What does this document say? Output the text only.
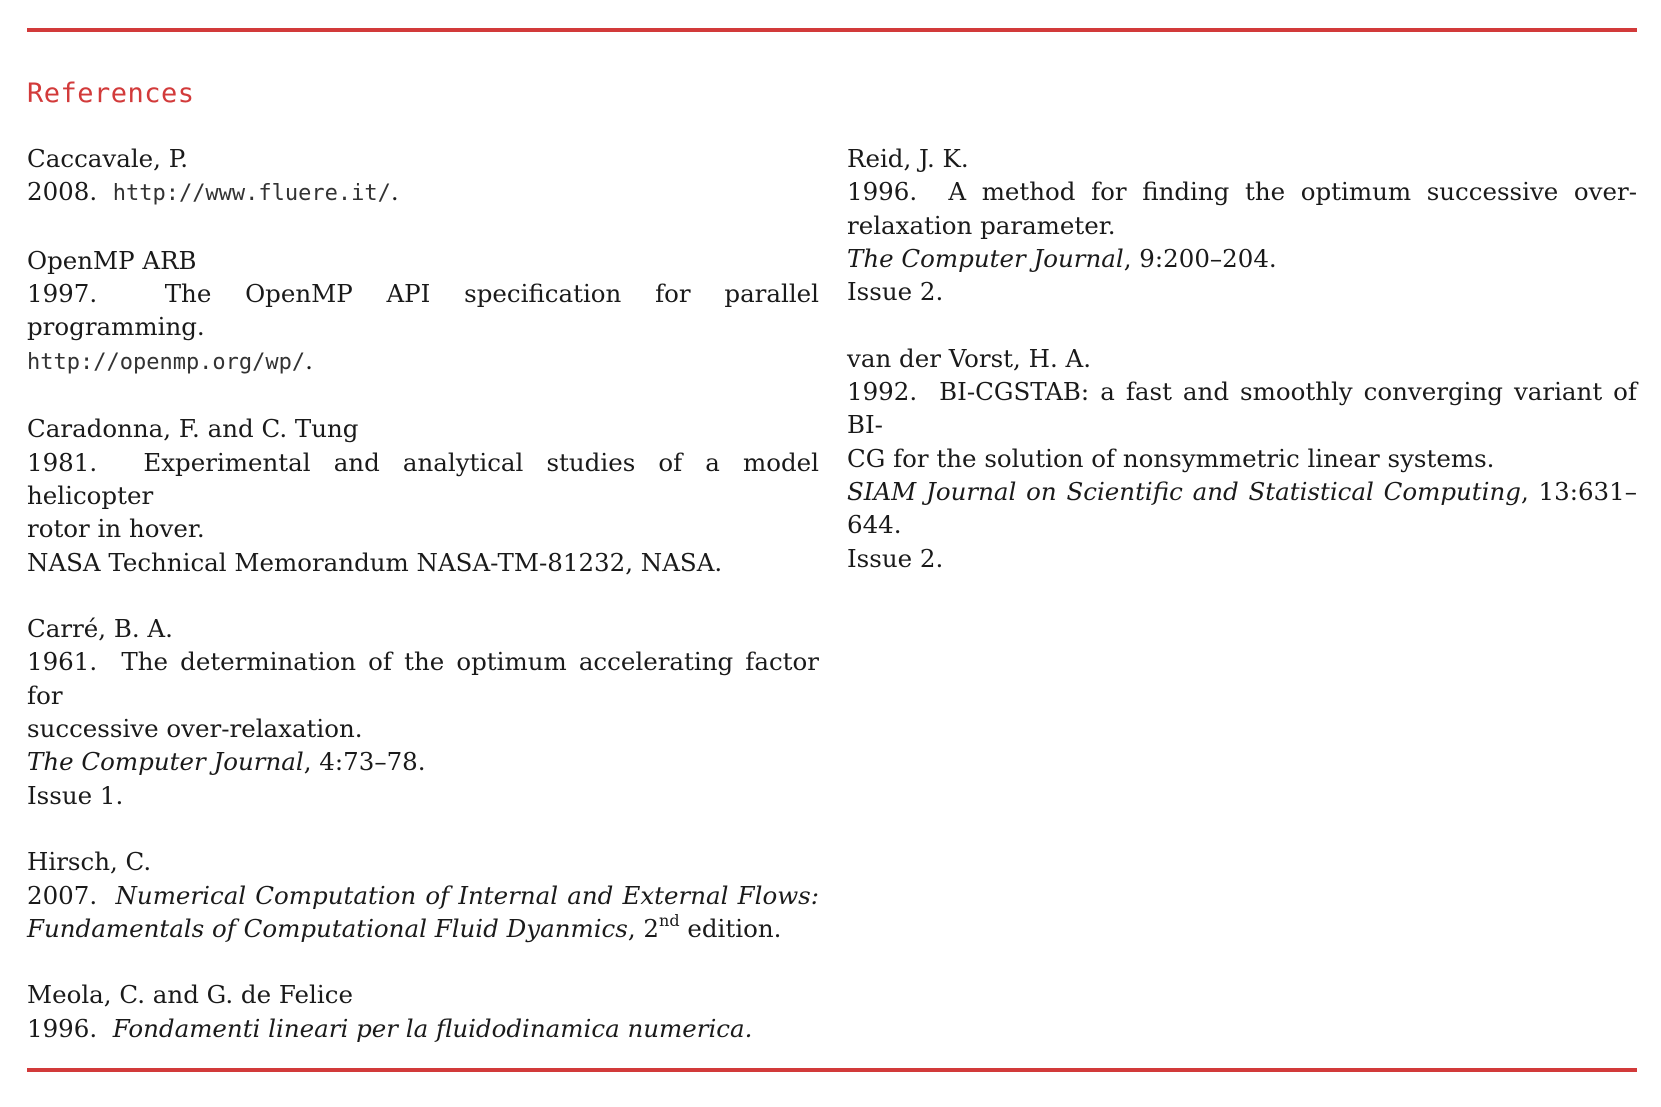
References
Caccavale, P.
2008. http://www.fluere.it/.
OpenMP ARB
1997.	The OpenMP API specification for parallel programming.
http://openmp.org/wp/.
Caradonna, F. and C. Tung
1981. Experimental and analytical studies of a model helicopter
rotor in hover.
NASA Technical Memorandum NASA-TM-81232, NASA.
Carré, B. A.
1961. The determination of the optimum accelerating factor for
successive over-relaxation.
The Computer Journal, 4:73–78.
Issue 1.
Hirsch, C.
2007. Numerical Computation of Internal and External Flows:
Fundamentals of Computational Fluid Dyanmics, 2nd edition.
Meola, C. and G. de Felice
1996. Fondamenti lineari per la fluidodinamica numerica.
Reid, J. K.
1996. A method for finding the optimum successive over-
relaxation parameter.
The Computer Journal, 9:200–204.
Issue 2.
van der Vorst, H. A.
1992. BI-CGSTAB: a fast and smoothly converging variant of BI-
CG for the solution of nonsymmetric linear systems.
SIAM Journal on Scientific and Statistical Computing, 13:631–
644.
Issue 2.
